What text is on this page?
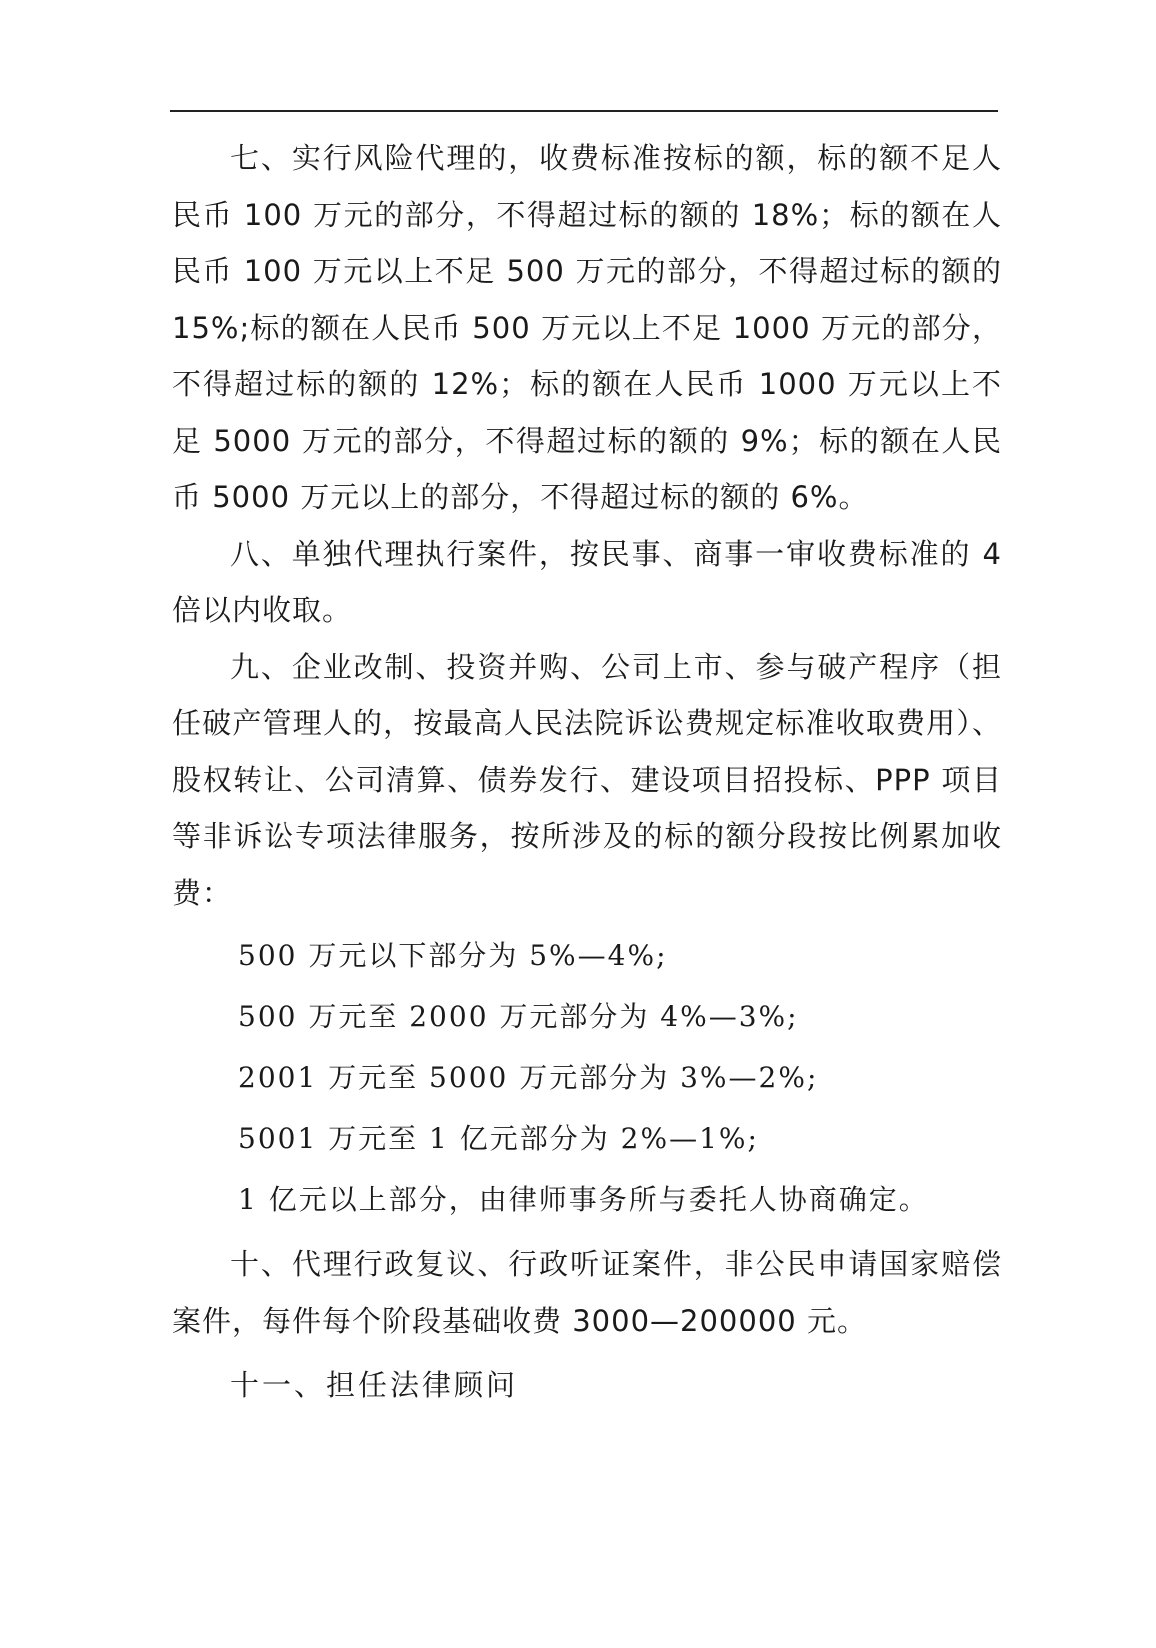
七、实行风险代理的，收费标准按标的额，标的额不足人民币 100 万元的部分，不得超过标的额的 18%；标的额在人民币 100 万元以上不足 500 万元的部分，不得超过标的额的 15%;标的额在人民币 500 万元以上不足 1000 万元的部分，不得超过标的额的 12%；标的额在人民币 1000 万元以上不足 5000 万元的部分，不得超过标的额的 9%；标的额在人民币 5000 万元以上的部分，不得超过标的额的 6%。

八、单独代理执行案件，按民事、商事一审收费标准的 4 倍以内收取。

九、企业改制、投资并购、公司上市、参与破产程序（担任破产管理人的，按最高人民法院诉讼费规定标准收取费用）、股权转让、公司清算、债券发行、建设项目招投标、PPP 项目等非诉讼专项法律服务，按所涉及的标的额分段按比例累加收费：

500 万元以下部分为 5%—4%;

500 万元至 2000 万元部分为 4%—3%;

2001 万元至 5000 万元部分为 3%—2%;

5001 万元至 1 亿元部分为 2%—1%;

1 亿元以上部分，由律师事务所与委托人协商确定。

十、代理行政复议、行政听证案件，非公民申请国家赔偿案件，每件每个阶段基础收费 3000—200000 元。

十一、担任法律顾问
